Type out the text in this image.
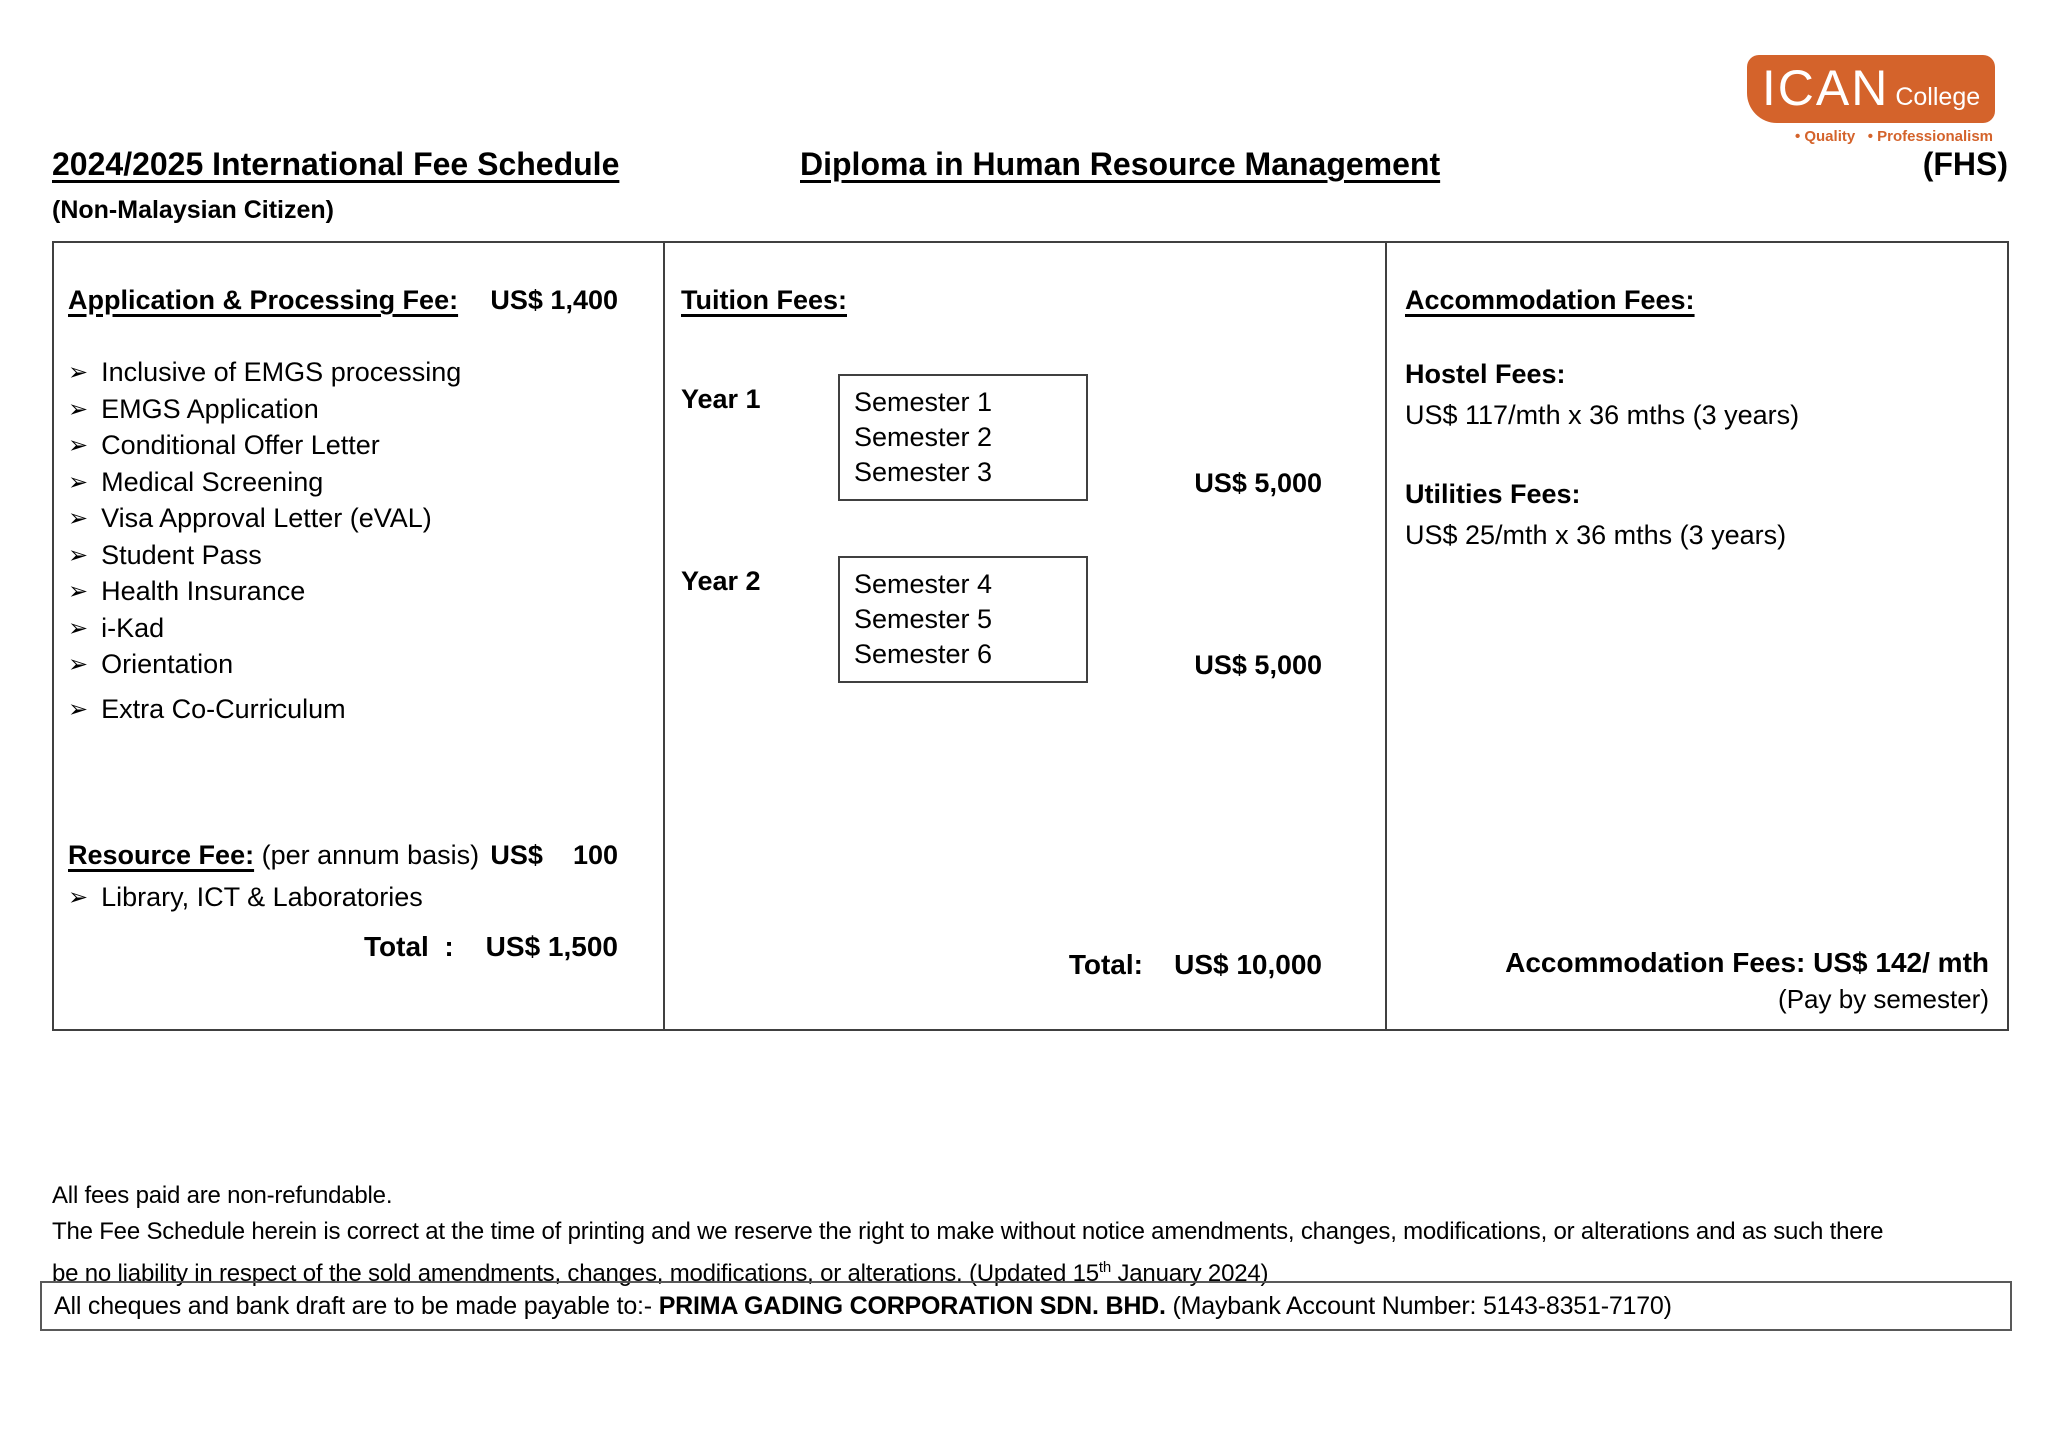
ICAN College
• Quality   • Professionalism
2024/2025 International Fee Schedule	Diploma in Human Resource Management	(FHS)
(Non-Malaysian Citizen)
Application & Processing Fee: US$ 1,400
➢ Inclusive of EMGS processing
➢ EMGS Application
➢ Conditional Offer Letter
➢ Medical Screening
➢ Visa Approval Letter (eVAL)
➢ Student Pass
➢ Health Insurance
➢ i-Kad
➢ Orientation
➢ Extra Co-Curriculum
Resource Fee: (per annum basis) US$    100
➢ Library, ICT & Laboratories
Total  : US$ 1,500
Tuition Fees:
Year 1	Semester 1
Semester 2
Semester 3	US$ 5,000
Year 2	Semester 4
Semester 5
Semester 6	US$ 5,000
Total: US$ 10,000
Accommodation Fees:
Hostel Fees:
US$ 117/mth x 36 mths (3 years)
Utilities Fees:
US$ 25/mth x 36 mths (3 years)
Accommodation Fees: US$ 142/ mth
(Pay by semester)
All fees paid are non-refundable.
The Fee Schedule herein is correct at the time of printing and we reserve the right to make without notice amendments, changes, modifications, or alterations and as such there
be no liability in respect of the sold amendments, changes, modifications, or alterations. (Updated 15th January 2024)
All cheques and bank draft are to be made payable to:- PRIMA GADING CORPORATION SDN. BHD. (Maybank Account Number: 5143-8351-7170)
